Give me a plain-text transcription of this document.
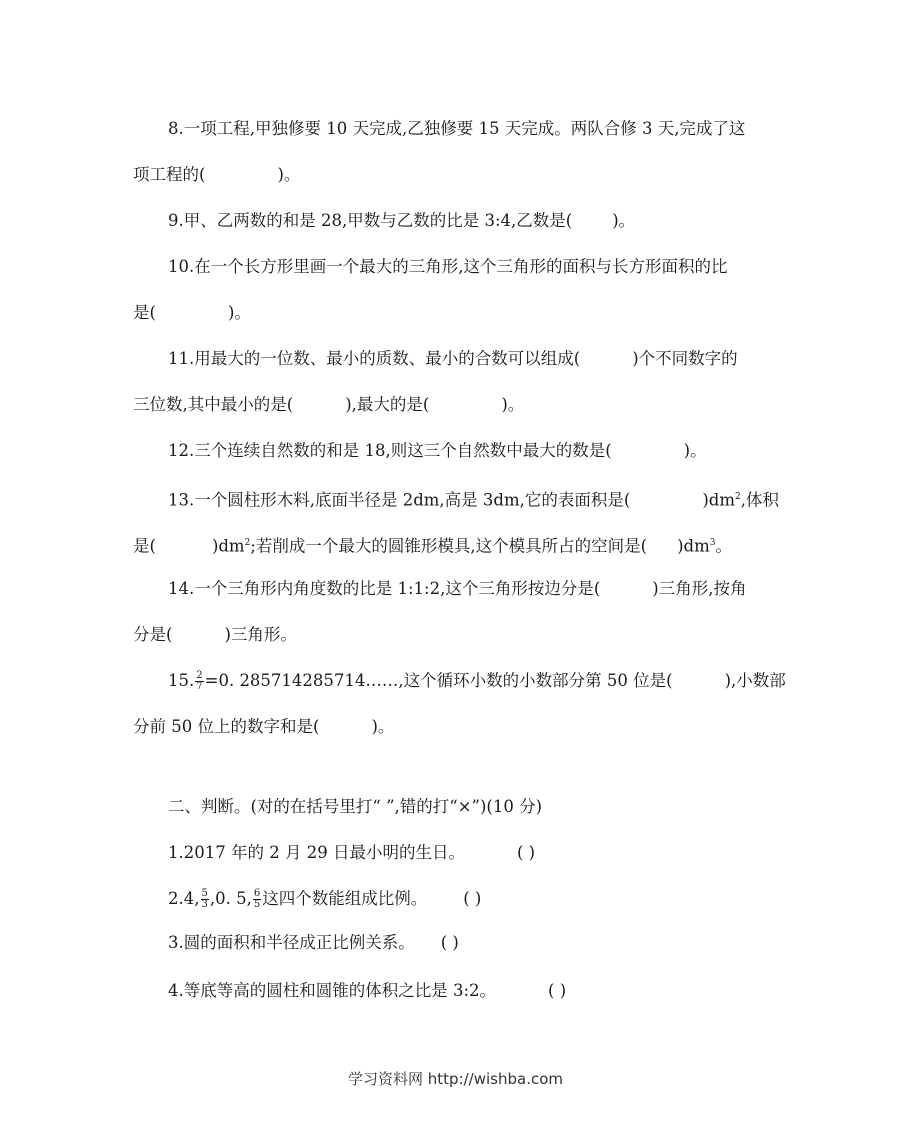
8.一项工程,甲独修要 10 天完成,乙独修要 15 天完成。两队合修 3 天,完成了这
项工程的(	)。
9.甲、乙两数的和是 28,甲数与乙数的比是 3:4,乙数是( )。
10.在一个长方形里画一个最大的三角形,这个三角形的面积与长方形面积的比
是(	)。
11.用最大的一位数、最小的质数、最小的合数可以组成(	)个不同数字的
三位数,其中最小的是(	),最大的是(	)。
12.三个连续自然数的和是 18,则这三个自然数中最大的数是(	)。
13.一个圆柱形木料,底面半径是 2dm,高是 3dm,它的表面积是(	)$dm^2$,体积
是(	)$dm^2$;若削成一个最大的圆锥形模具,这个模具所占的空间是( )$dm^3$。
14.一个三角形内角度数的比是 1:1:2,这个三角形按边分是(	)三角形,按角
分是(	)三角形。
15. $\frac{2}{7} =0$. 285714285714……,这个循环小数的小数部分第 50 位是(	),小数部
分前 50 位上的数字和是(	)。
二、判断。(对的在括号里打“ ”,错的打“×”)(10 分)
1.2017 年的 2 月 29 日最小明的生日。	( )
2.4, $\frac{5}{3} ,0$. 5, $\frac{6}{5}$ 这四个数能组成比例。 ( )
3.圆的面积和半径成正比例关系。 ( )
4.等底等高的圆柱和圆锥的体积之比是 3:2。	( )
学习资料网 http://wishba.com
